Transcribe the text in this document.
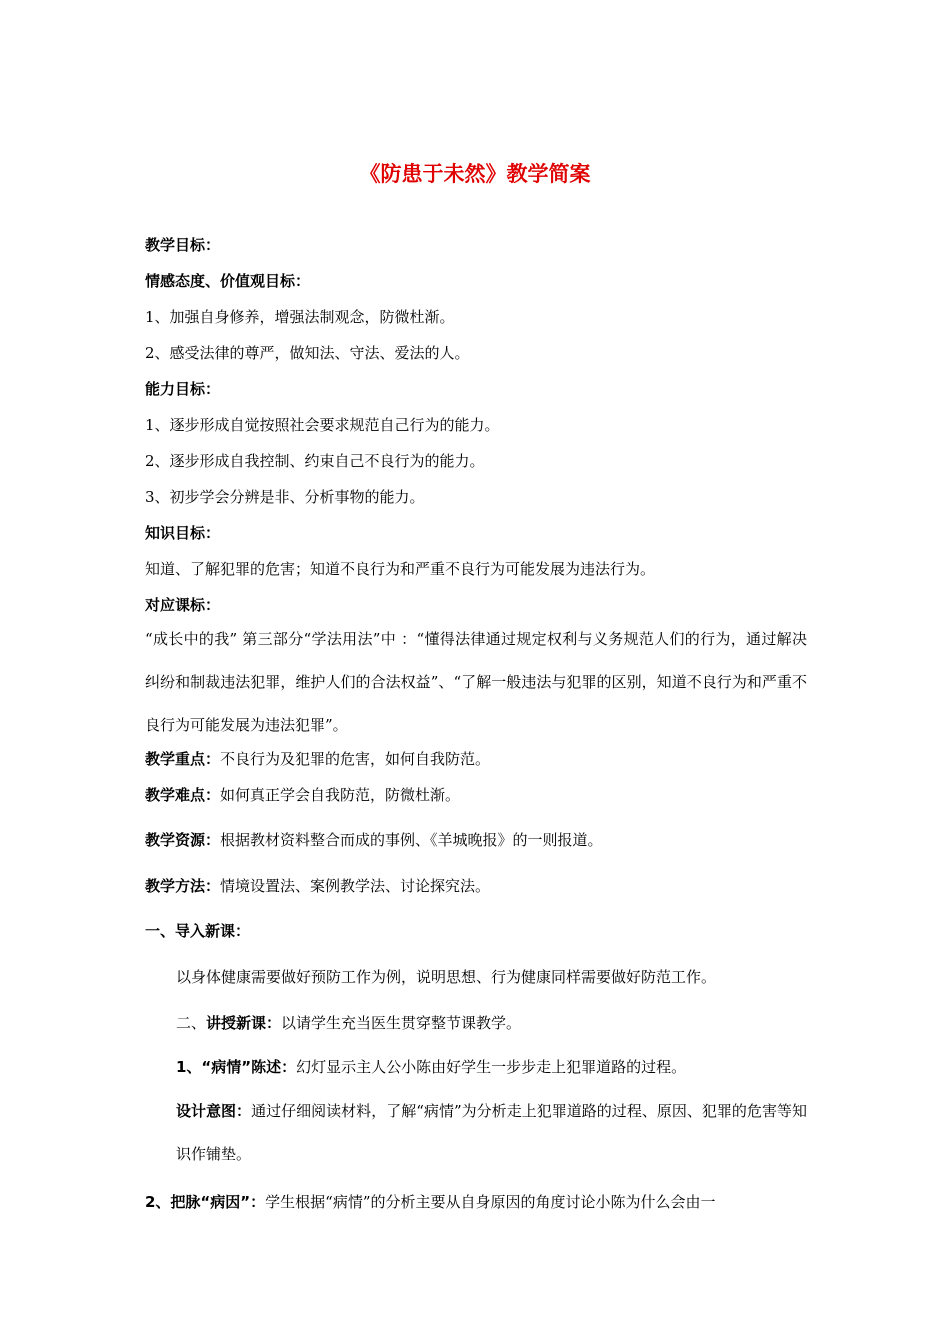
《防患于未然》教学简案
教学目标：
情感态度、价值观目标：
1、加强自身修养，增强法制观念，防微杜渐。
2、感受法律的尊严，做知法、守法、爱法的人。
能力目标：
1、逐步形成自觉按照社会要求规范自己行为的能力。
2、逐步形成自我控制、约束自己不良行为的能力。
3、初步学会分辨是非、分析事物的能力。
知识目标：
知道、了解犯罪的危害；知道不良行为和严重不良行为可能发展为违法行为。
对应课标：
“成长中的我” 第三部分“学法用法”中 ：“懂得法律通过规定权利与义务规范人们的行为，通过解决纠纷和制裁违法犯罪，维护人们的合法权益”、“了解一般违法与犯罪的区别，知道不良行为和严重不良行为可能发展为违法犯罪”。
教学重点：不良行为及犯罪的危害，如何自我防范。
教学难点：如何真正学会自我防范，防微杜渐。
教学资源：根据教材资料整合而成的事例、《羊城晚报》的一则报道。
教学方法：情境设置法、案例教学法、讨论探究法。
一、导入新课：
以身体健康需要做好预防工作为例，说明思想、行为健康同样需要做好防范工作。
二、讲授新课：以请学生充当医生贯穿整节课教学。
1、“病情”陈述：幻灯显示主人公小陈由好学生一步步走上犯罪道路的过程。
设计意图：通过仔细阅读材料，了解“病情”为分析走上犯罪道路的过程、原因、犯罪的危害等知识作铺垫。
2、把脉“病因”：学生根据“病情”的分析主要从自身原因的角度讨论小陈为什么会由一
